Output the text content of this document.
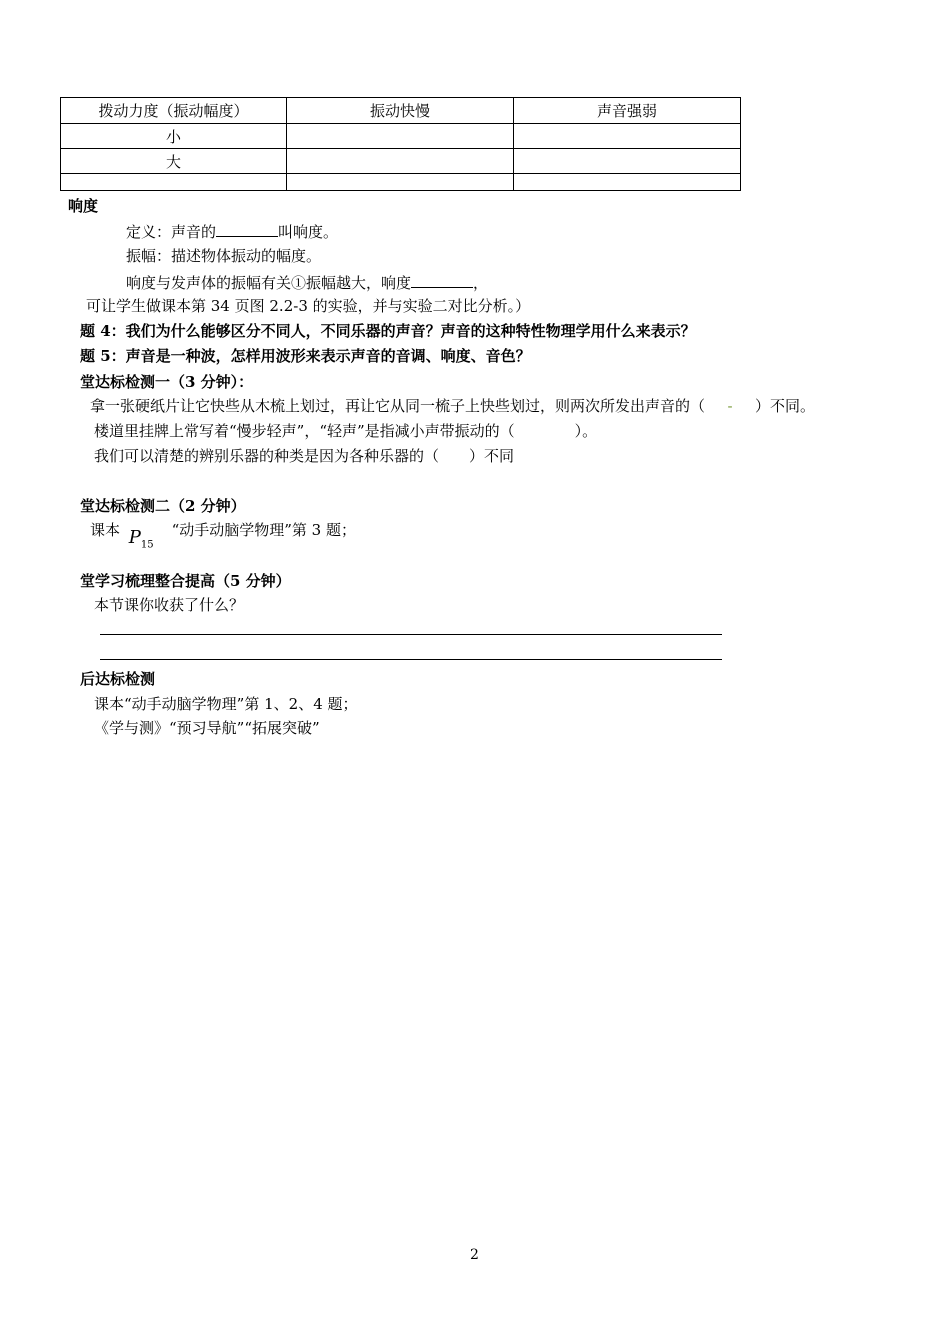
拨动力度（振动幅度）	振动快慢	声音强弱
小		
大		

响度
定义：声音的	叫响度。
振幅：描述物体振动的幅度。
响度与发声体的振幅有关①振幅越大，响度	，
可让学生做课本第 34 页图 2.2-3 的实验，并与实验二对比分析。）
题 4：我们为什么能够区分不同人，不同乐器的声音？声音的这种特性物理学用什么来表示？
题 5：声音是一种波，怎样用波形来表示声音的音调、响度、音色？
堂达标检测一（3 分钟）：
拿一张硬纸片让它快些从木梳上划过，再让它从同一梳子上快些划过，则两次所发出声音的（ - ）不同。
楼道里挂牌上常写着“慢步轻声”，“轻声”是指减小声带振动的（　　　　）。
我们可以清楚的辨别乐器的种类是因为各种乐器的（　　）不同
堂达标检测二（2 分钟）
课本 $P_{15}$ “动手动脑学物理”第 3 题；
堂学习梳理整合提高（5 分钟）
本节课你收获了什么？
后达标检测
课本“动手动脑学物理”第 1、2、4 题；
《学与测》“预习导航”“拓展突破”
2
